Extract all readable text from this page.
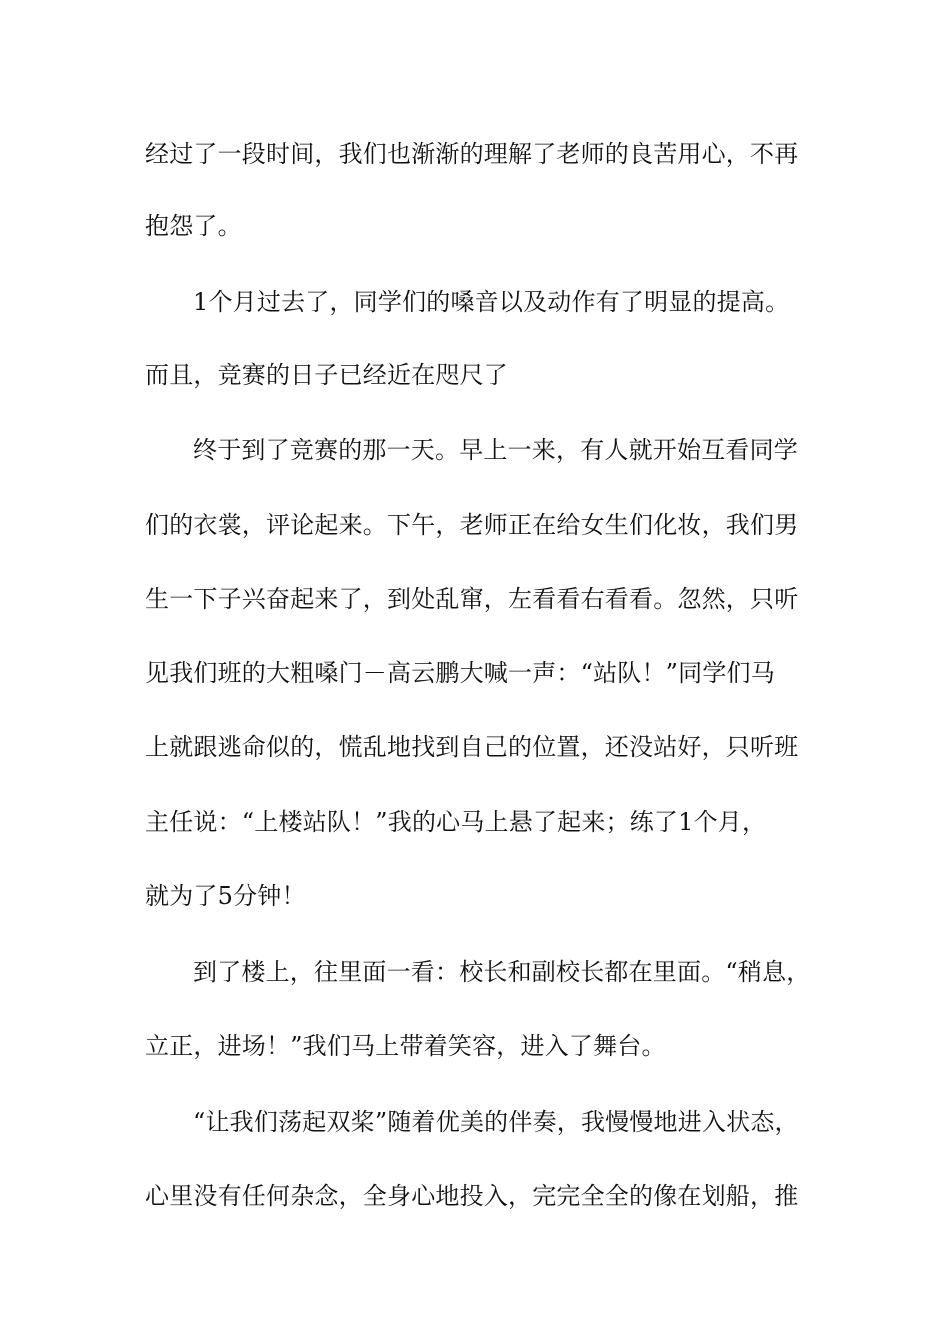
经过了一段时间，我们也渐渐的理解了老师的良苦用心，不再
抱怨了。
1个月过去了，同学们的嗓音以及动作有了明显的提高。
而且，竞赛的日子已经近在咫尺了
终于到了竞赛的那一天。早上一来，有人就开始互看同学
们的衣裳，评论起来。下午，老师正在给女生们化妆，我们男
生一下子兴奋起来了，到处乱窜，左看看右看看。忽然，只听
见我们班的大粗嗓门－高云鹏大喊一声：“站队！”同学们马
上就跟逃命似的，慌乱地找到自己的位置，还没站好，只听班
主任说：“上楼站队！”我的心马上悬了起来；练了1个月，
就为了5分钟！
到了楼上，往里面一看：校长和副校长都在里面。“稍息，
立正，进场！”我们马上带着笑容，进入了舞台。
“让我们荡起双桨”随着优美的伴奏，我慢慢地进入状态，
心里没有任何杂念，全身心地投入，完完全全的像在划船，推
